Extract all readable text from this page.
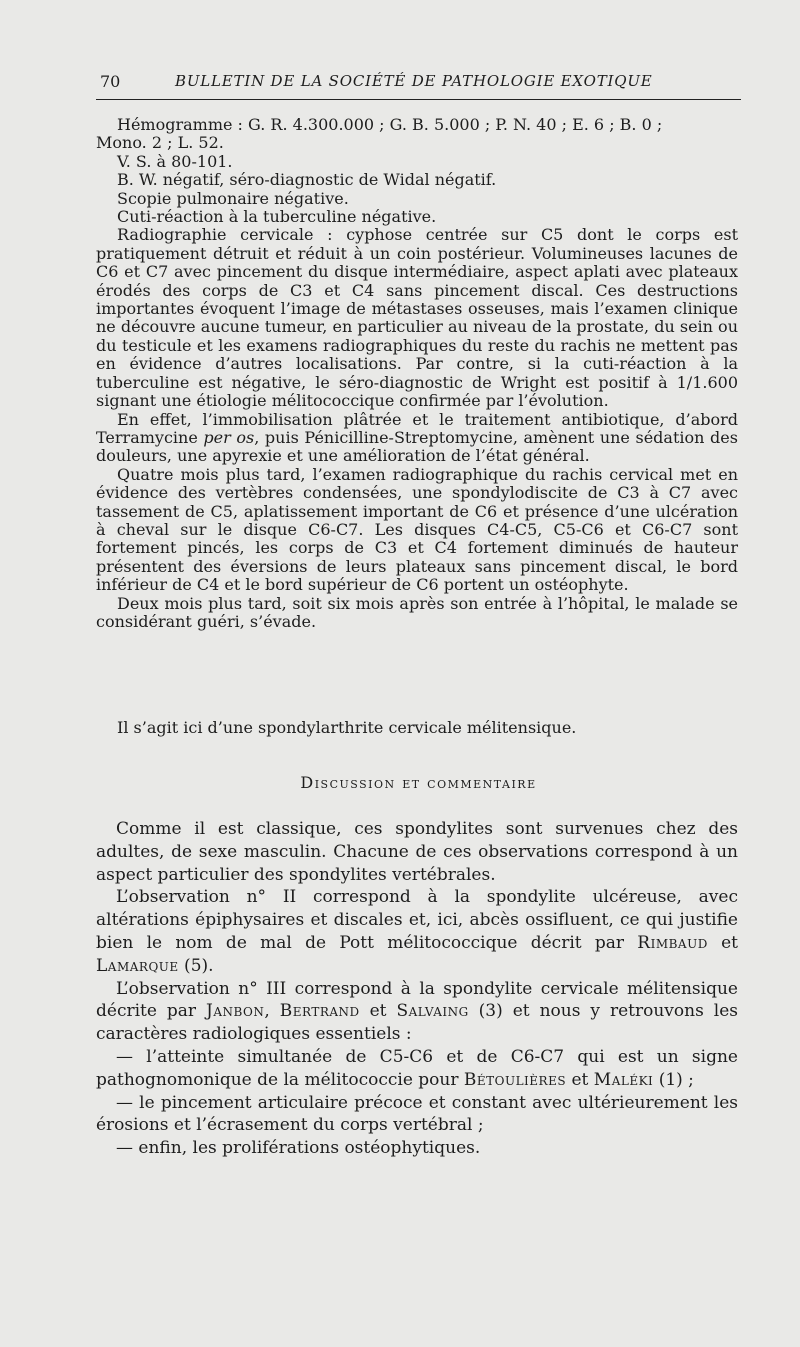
70	BULLETIN DE LA SOCIÉTÉ DE PATHOLOGIE EXOTIQUE

Hémogramme : G. R. 4.300.000 ; G. B. 5.000 ; P. N. 40 ; E. 6 ; B. 0 ;

Mono. 2 ; L. 52.

V. S. à 80-101.

B. W. négatif, séro-diagnostic de Widal négatif.

Scopie pulmonaire négative.

Cuti-réaction à la tuberculine négative.

Radiographie cervicale : cyphose centrée sur C5 dont le corps est pratiquement détruit et réduit à un coin postérieur. Volumineuses lacunes de C6 et C7 avec pincement du disque intermédiaire, aspect aplati avec plateaux érodés des corps de C3 et C4 sans pincement discal. Ces destructions importantes évoquent l’image de métastases osseuses, mais l’examen clinique ne découvre aucune tumeur, en particulier au niveau de la prostate, du sein ou du testicule et les examens radiographiques du reste du rachis ne mettent pas en évidence d’autres localisations. Par contre, si la cuti-réaction à la tuberculine est négative, le séro-diagnostic de Wright est positif à 1/1.600 signant une étiologie mélitococcique confirmée par l’évolution.

En effet, l’immobilisation plâtrée et le traitement antibiotique, d’abord Terramycine per os, puis Pénicilline-Streptomycine, amènent une sédation des douleurs, une apyrexie et une amélioration de l’état général.

Quatre mois plus tard, l’examen radiographique du rachis cervical met en évidence des vertèbres condensées, une spondylodiscite de C3 à C7 avec tassement de C5, aplatissement important de C6 et présence d’une ulcération à cheval sur le disque C6-C7. Les disques C4-C5, C5-C6 et C6-C7 sont fortement pincés, les corps de C3 et C4 fortement diminués de hauteur présentent des éversions de leurs plateaux sans pincement discal, le bord inférieur de C4 et le bord supérieur de C6 portent un ostéophyte.

Deux mois plus tard, soit six mois après son entrée à l’hôpital, le malade se considérant guéri, s’évade.

Il s’agit ici d’une spondylarthrite cervicale mélitensique.

Discussion et commentaire

Comme il est classique, ces spondylites sont survenues chez des adultes, de sexe masculin. Chacune de ces observations correspond à un aspect particulier des spondylites vertébrales.

L’observation n° II correspond à la spondylite ulcéreuse, avec altérations épiphysaires et discales et, ici, abcès ossifluent, ce qui justifie bien le nom de mal de Pott mélitococcique décrit par Rimbaud et Lamarque (5).

L’observation n° III correspond à la spondylite cervicale mélitensique décrite par Janbon, Bertrand et Salvaing (3) et nous y retrouvons les caractères radiologiques essentiels :

— l’atteinte simultanée de C5-C6 et de C6-C7 qui est un signe pathognomonique de la mélitococcie pour Bétoulières et Maléki (1) ;

— le pincement articulaire précoce et constant avec ultérieurement les érosions et l’écrasement du corps vertébral ;

— enfin, les proliférations ostéophytiques.
